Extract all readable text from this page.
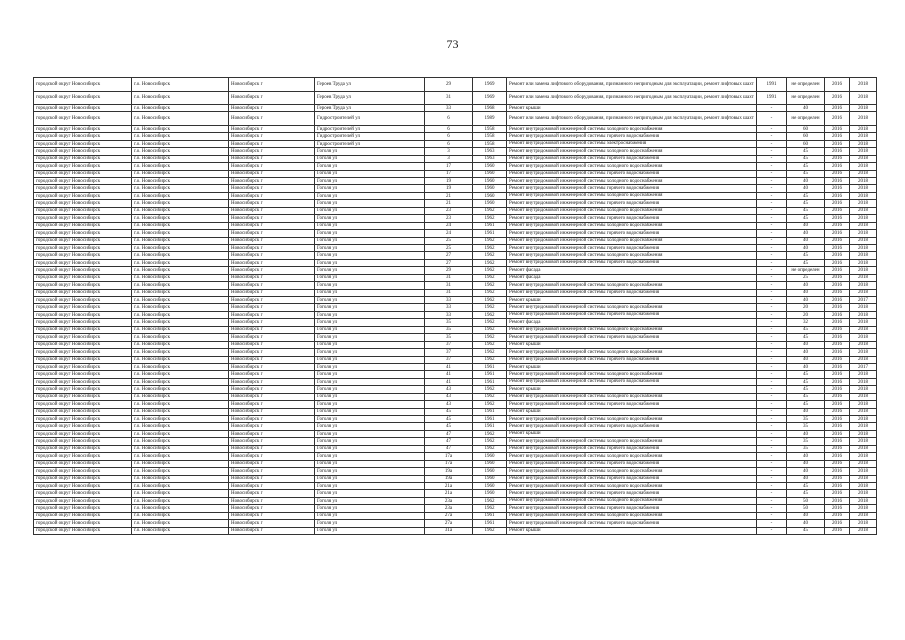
73
городской округ Новосибирск	г.о. Новосибирск	Новосибирск г	Героев Труда ул	29	1969	Ремонт или замена лифтового оборудования, признанного непригодным для эксплуатации, ремонт лифтовых шахт	1991	не определен	2016	2018
городской округ Новосибирск	г.о. Новосибирск	Новосибирск г	Героев Труда ул	31	1969	Ремонт или замена лифтового оборудования, признанного непригодным для эксплуатации, ремонт лифтовых шахт	1991	не определен	2016	2018
городской округ Новосибирск	г.о. Новосибирск	Новосибирск г	Героев Труда ул	33	1968	Ремонт крыши	-	40	2016	2018
городской округ Новосибирск	г.о. Новосибирск	Новосибирск г	Гидростроителей ул	6	1989	Ремонт или замена лифтового оборудования, признанного непригодным для эксплуатации, ремонт лифтовых шахт	-	не определен	2016	2018
городской округ Новосибирск	г.о. Новосибирск	Новосибирск г	Гидростроителей ул	6	1958	Ремонт внутридомовой инженерной системы холодного водоснабжения	-	60	2016	2018
городской округ Новосибирск	г.о. Новосибирск	Новосибирск г	Гидростроителей ул	6	1958	Ремонт внутридомовой инженерной системы горячего водоснабжения	-	60	2016	2018
городской округ Новосибирск	г.о. Новосибирск	Новосибирск г	Гидростроителей ул	6	1958	Ремонт внутридомовой инженерной системы электроснабжения	-	60	2016	2018
городской округ Новосибирск	г.о. Новосибирск	Новосибирск г	Гоголя ул	3	1963	Ремонт внутридомовой инженерной системы холодного водоснабжения	-	45	2016	2018
городской округ Новосибирск	г.о. Новосибирск	Новосибирск г	Гоголя ул	3	1963	Ремонт внутридомовой инженерной системы горячего водоснабжения	-	45	2016	2018
городской округ Новосибирск	г.о. Новосибирск	Новосибирск г	Гоголя ул	17	1960	Ремонт внутридомовой инженерной системы холодного водоснабжения	-	45	2016	2018
городской округ Новосибирск	г.о. Новосибирск	Новосибирск г	Гоголя ул	17	1960	Ремонт внутридомовой инженерной системы горячего водоснабжения	-	45	2016	2018
городской округ Новосибирск	г.о. Новосибирск	Новосибирск г	Гоголя ул	19	1960	Ремонт внутридомовой инженерной системы холодного водоснабжения	-	40	2016	2018
городской округ Новосибирск	г.о. Новосибирск	Новосибирск г	Гоголя ул	19	1960	Ремонт внутридомовой инженерной системы горячего водоснабжения	-	40	2016	2018
городской округ Новосибирск	г.о. Новосибирск	Новосибирск г	Гоголя ул	21	1960	Ремонт внутридомовой инженерной системы холодного водоснабжения	-	45	2016	2018
городской округ Новосибирск	г.о. Новосибирск	Новосибирск г	Гоголя ул	21	1960	Ремонт внутридомовой инженерной системы горячего водоснабжения	-	45	2016	2018
городской округ Новосибирск	г.о. Новосибирск	Новосибирск г	Гоголя ул	23	1962	Ремонт внутридомовой инженерной системы холодного водоснабжения	-	45	2016	2018
городской округ Новосибирск	г.о. Новосибирск	Новосибирск г	Гоголя ул	23	1962	Ремонт внутридомовой инженерной системы горячего водоснабжения	-	45	2016	2018
городской округ Новосибирск	г.о. Новосибирск	Новосибирск г	Гоголя ул	24	1961	Ремонт внутридомовой инженерной системы холодного водоснабжения	-	40	2016	2018
городской округ Новосибирск	г.о. Новосибирск	Новосибирск г	Гоголя ул	24	1961	Ремонт внутридомовой инженерной системы горячего водоснабжения	-	40	2016	2018
городской округ Новосибирск	г.о. Новосибирск	Новосибирск г	Гоголя ул	25	1962	Ремонт внутридомовой инженерной системы холодного водоснабжения	-	40	2016	2018
городской округ Новосибирск	г.о. Новосибирск	Новосибирск г	Гоголя ул	25	1962	Ремонт внутридомовой инженерной системы горячего водоснабжения	-	40	2016	2018
городской округ Новосибирск	г.о. Новосибирск	Новосибирск г	Гоголя ул	27	1962	Ремонт внутридомовой инженерной системы холодного водоснабжения	-	45	2016	2018
городской округ Новосибирск	г.о. Новосибирск	Новосибирск г	Гоголя ул	27	1962	Ремонт внутридомовой инженерной системы горячего водоснабжения	-	45	2016	2018
городской округ Новосибирск	г.о. Новосибирск	Новосибирск г	Гоголя ул	29	1962	Ремонт фасада	-	не определен	2016	2018
городской округ Новосибирск	г.о. Новосибирск	Новосибирск г	Гоголя ул	31	1962	Ремонт фасада	-	25	2016	2018
городской округ Новосибирск	г.о. Новосибирск	Новосибирск г	Гоголя ул	31	1962	Ремонт внутридомовой инженерной системы холодного водоснабжения	-	40	2016	2018
городской округ Новосибирск	г.о. Новосибирск	Новосибирск г	Гоголя ул	31	1962	Ремонт внутридомовой инженерной системы горячего водоснабжения	-	40	2016	2018
городской округ Новосибирск	г.о. Новосибирск	Новосибирск г	Гоголя ул	33	1962	Ремонт крыши	-	40	2016	2017
городской округ Новосибирск	г.о. Новосибирск	Новосибирск г	Гоголя ул	33	1962	Ремонт внутридомовой инженерной системы холодного водоснабжения	-	20	2016	2018
городской округ Новосибирск	г.о. Новосибирск	Новосибирск г	Гоголя ул	33	1962	Ремонт внутридомовой инженерной системы горячего водоснабжения	-	20	2016	2018
городской округ Новосибирск	г.о. Новосибирск	Новосибирск г	Гоголя ул	35	1962	Ремонт фасада	-	32	2016	2018
городской округ Новосибирск	г.о. Новосибирск	Новосибирск г	Гоголя ул	35	1962	Ремонт внутридомовой инженерной системы холодного водоснабжения	-	45	2016	2018
городской округ Новосибирск	г.о. Новосибирск	Новосибирск г	Гоголя ул	35	1962	Ремонт внутридомовой инженерной системы горячего водоснабжения	-	45	2016	2018
городской округ Новосибирск	г.о. Новосибирск	Новосибирск г	Гоголя ул	37	1962	Ремонт крыши	-	40	2016	2018
городской округ Новосибирск	г.о. Новосибирск	Новосибирск г	Гоголя ул	37	1962	Ремонт внутридомовой инженерной системы холодного водоснабжения	-	40	2016	2018
городской округ Новосибирск	г.о. Новосибирск	Новосибирск г	Гоголя ул	37	1962	Ремонт внутридомовой инженерной системы горячего водоснабжения	-	40	2016	2018
городской округ Новосибирск	г.о. Новосибирск	Новосибирск г	Гоголя ул	41	1961	Ремонт крыши	-	40	2016	2017
городской округ Новосибирск	г.о. Новосибирск	Новосибирск г	Гоголя ул	41	1961	Ремонт внутридомовой инженерной системы холодного водоснабжения	-	45	2016	2018
городской округ Новосибирск	г.о. Новосибирск	Новосибирск г	Гоголя ул	41	1961	Ремонт внутридомовой инженерной системы горячего водоснабжения	-	45	2016	2018
городской округ Новосибирск	г.о. Новосибирск	Новосибирск г	Гоголя ул	43	1962	Ремонт крыши	-	45	2016	2018
городской округ Новосибирск	г.о. Новосибирск	Новосибирск г	Гоголя ул	43	1962	Ремонт внутридомовой инженерной системы холодного водоснабжения	-	45	2016	2018
городской округ Новосибирск	г.о. Новосибирск	Новосибирск г	Гоголя ул	43	1962	Ремонт внутридомовой инженерной системы горячего водоснабжения	-	45	2016	2018
городской округ Новосибирск	г.о. Новосибирск	Новосибирск г	Гоголя ул	45	1961	Ремонт крыши	-	40	2016	2018
городской округ Новосибирск	г.о. Новосибирск	Новосибирск г	Гоголя ул	45	1961	Ремонт внутридомовой инженерной системы холодного водоснабжения	-	35	2016	2018
городской округ Новосибирск	г.о. Новосибирск	Новосибирск г	Гоголя ул	45	1961	Ремонт внутридомовой инженерной системы горячего водоснабжения	-	35	2016	2018
городской округ Новосибирск	г.о. Новосибирск	Новосибирск г	Гоголя ул	47	1962	Ремонт крыши	-	40	2016	2018
городской округ Новосибирск	г.о. Новосибирск	Новосибирск г	Гоголя ул	47	1962	Ремонт внутридомовой инженерной системы холодного водоснабжения	-	35	2016	2018
городской округ Новосибирск	г.о. Новосибирск	Новосибирск г	Гоголя ул	47	1962	Ремонт внутридомовой инженерной системы горячего водоснабжения	-	35	2016	2018
городской округ Новосибирск	г.о. Новосибирск	Новосибирск г	Гоголя ул	17а	1960	Ремонт внутридомовой инженерной системы холодного водоснабжения	-	40	2016	2018
городской округ Новосибирск	г.о. Новосибирск	Новосибирск г	Гоголя ул	17а	1960	Ремонт внутридомовой инженерной системы горячего водоснабжения	-	40	2016	2018
городской округ Новосибирск	г.о. Новосибирск	Новосибирск г	Гоголя ул	19а	1960	Ремонт внутридомовой инженерной системы холодного водоснабжения	-	40	2016	2018
городской округ Новосибирск	г.о. Новосибирск	Новосибирск г	Гоголя ул	19а	1960	Ремонт внутридомовой инженерной системы горячего водоснабжения	-	40	2016	2018
городской округ Новосибирск	г.о. Новосибирск	Новосибирск г	Гоголя ул	21а	1960	Ремонт внутридомовой инженерной системы холодного водоснабжения	-	45	2016	2018
городской округ Новосибирск	г.о. Новосибирск	Новосибирск г	Гоголя ул	21а	1960	Ремонт внутридомовой инженерной системы горячего водоснабжения	-	45	2016	2018
городской округ Новосибирск	г.о. Новосибирск	Новосибирск г	Гоголя ул	23а	1962	Ремонт внутридомовой инженерной системы холодного водоснабжения	-	50	2016	2018
городской округ Новосибирск	г.о. Новосибирск	Новосибирск г	Гоголя ул	23а	1962	Ремонт внутридомовой инженерной системы горячего водоснабжения	-	50	2016	2018
городской округ Новосибирск	г.о. Новосибирск	Новосибирск г	Гоголя ул	27а	1961	Ремонт внутридомовой инженерной системы холодного водоснабжения	-	40	2016	2018
городской округ Новосибирск	г.о. Новосибирск	Новосибирск г	Гоголя ул	27а	1961	Ремонт внутридомовой инженерной системы горячего водоснабжения	-	40	2016	2018
городской округ Новосибирск	г.о. Новосибирск	Новосибирск г	Гоголя ул	31а	1962	Ремонт крыши	-	45	2016	2018
